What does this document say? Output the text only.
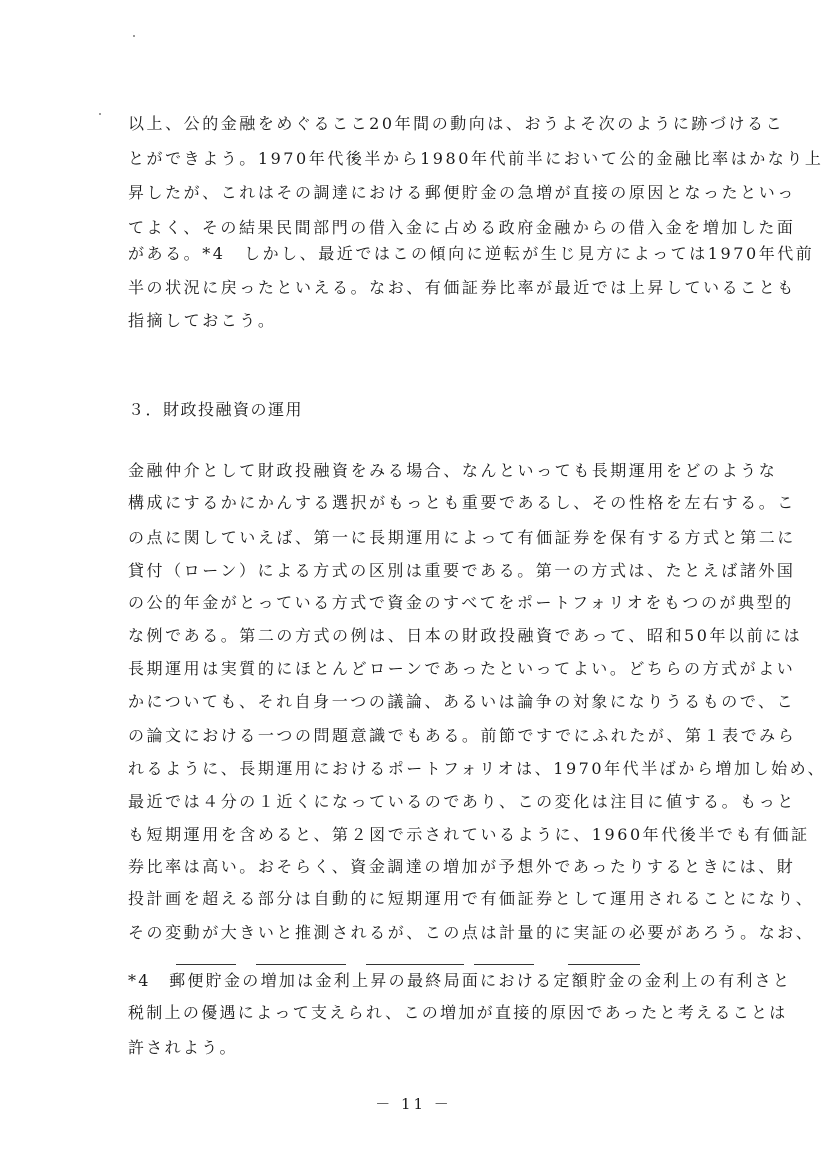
以上、公的金融をめぐるここ20年間の動向は、おうよそ次のように跡づけるこ
とができよう。1970年代後半から1980年代前半において公的金融比率はかなり上
昇したが、これはその調達における郵便貯金の急増が直接の原因となったといっ
てよく、その結果民間部門の借入金に占める政府金融からの借入金を増加した面
がある。*4　しかし、最近ではこの傾向に逆転が生じ見方によっては1970年代前
半の状況に戻ったといえる。なお、有価証券比率が最近では上昇していることも
指摘しておこう。
３．財政投融資の運用
金融仲介として財政投融資をみる場合、なんといっても長期運用をどのような
構成にするかにかんする選択がもっとも重要であるし、その性格を左右する。こ
の点に関していえば、第一に長期運用によって有価証券を保有する方式と第二に
貸付（ローン）による方式の区別は重要である。第一の方式は、たとえば諸外国
の公的年金がとっている方式で資金のすべてをポートフォリオをもつのが典型的
な例である。第二の方式の例は、日本の財政投融資であって、昭和50年以前には
長期運用は実質的にほとんどローンであったといってよい。どちらの方式がよい
かについても、それ自身一つの議論、あるいは論争の対象になりうるもので、こ
の論文における一つの問題意識でもある。前節ですでにふれたが、第１表でみら
れるように、長期運用におけるポートフォリオは、1970年代半ばから増加し始め、
最近では４分の１近くになっているのであり、この変化は注目に値する。もっと
も短期運用を含めると、第２図で示されているように、1960年代後半でも有価証
券比率は高い。おそらく、資金調達の増加が予想外であったりするときには、財
投計画を超える部分は自動的に短期運用で有価証券として運用されることになり、
その変動が大きいと推測されるが、この点は計量的に実証の必要があろう。なお、
*4　郵便貯金の増加は金利上昇の最終局面における定額貯金の金利上の有利さと
税制上の優遇によって支えられ、この増加が直接的原因であったと考えることは
許されよう。
－ 11 －
